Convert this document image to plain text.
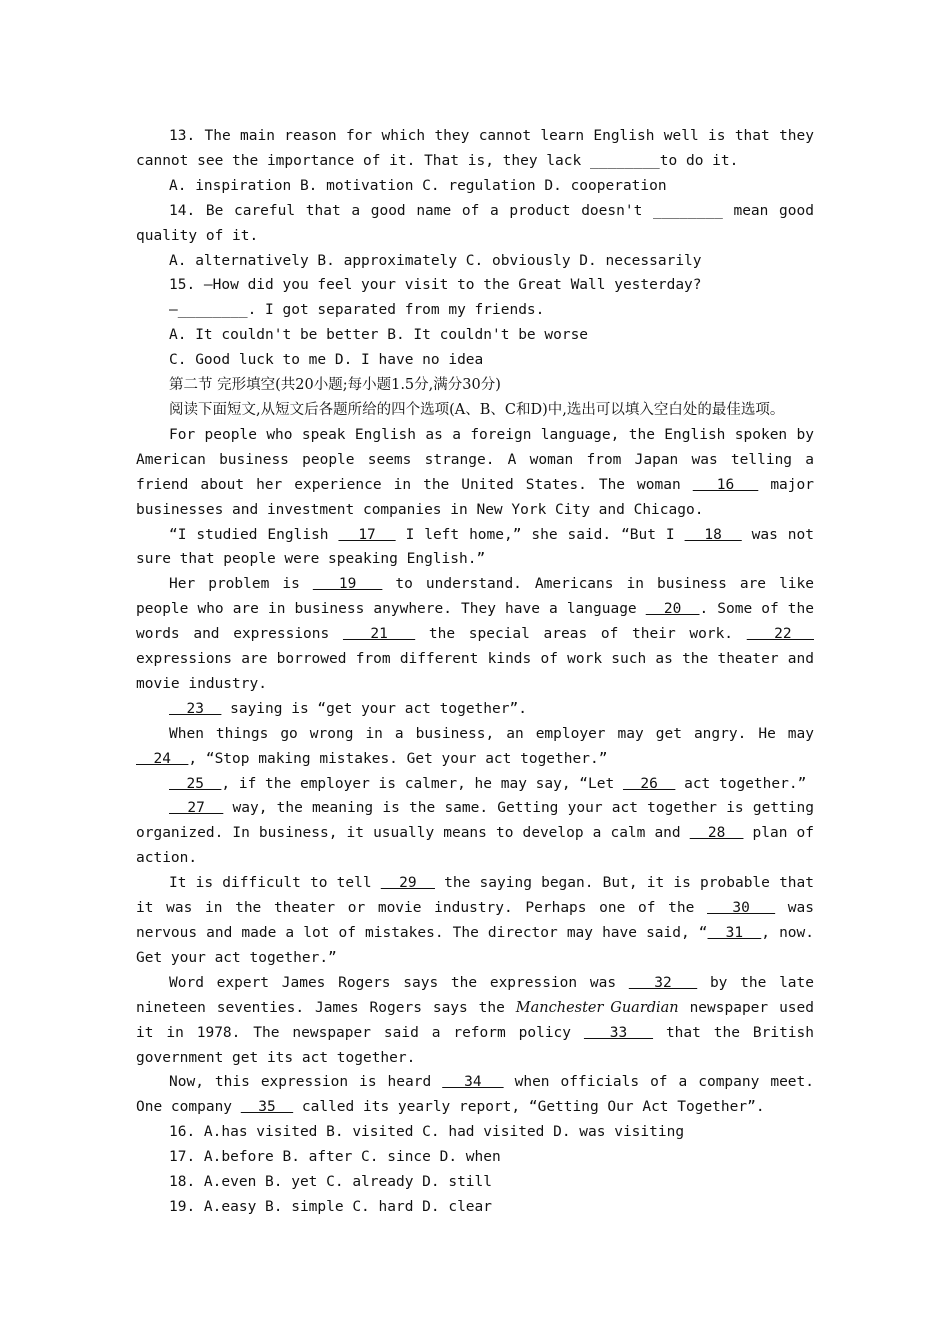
13. The main reason for which they cannot learn English well is that they cannot see the importance of it. That is, they lack ________to do it.

A. inspiration B. motivation C. regulation D. cooperation

14. Be careful that a good name of a product doesn't ________ mean good quality of it.

A. alternatively B. approximately C. obviously D. necessarily

15. —How did you feel your visit to the Great Wall yesterday?

—________. I got separated from my friends.

A. It couldn't be better B. It couldn't be worse

C. Good luck to me D. I have no idea

第二节 完形填空(共20小题;每小题1.5分,满分30分)

阅读下面短文,从短文后各题所给的四个选项(A、B、C和D)中,选出可以填入空白处的最佳选项。

For people who speak English as a foreign language, the English spoken by American business people seems strange. A woman from Japan was telling a friend about her experience in the United States. The woman   16   major businesses and investment companies in New York City and Chicago.

“I studied English   17   I left home,” she said. “But I   18   was not sure that people were speaking English.”

Her problem is   19   to understand. Americans in business are like people who are in business anywhere. They have a language   20  . Some of the words and expressions   21   the special areas of their work.   22   expressions are borrowed from different kinds of work such as the theater and movie industry.

23   saying is “get your act together”.

When things go wrong in a business, an employer may get angry. He may   24  , “Stop making mistakes. Get your act together.”

25  , if the employer is calmer, he may say, “Let   26   act together.”

27   way, the meaning is the same. Getting your act together is getting organized. In business, it usually means to develop a calm and   28   plan of action.

It is difficult to tell   29   the saying began. But, it is probable that it was in the theater or movie industry. Perhaps one of the   30   was nervous and made a lot of mistakes. The director may have said, “  31  , now. Get your act together.”

Word expert James Rogers says the expression was   32   by the late nineteen seventies. James Rogers says the Manchester Guardian newspaper used it in 1978. The newspaper said a reform policy   33   that the British government get its act together.

Now, this expression is heard   34   when officials of a company meet. One company   35   called its yearly report, “Getting Our Act Together”.

16. A.has visited B. visited C. had visited D. was visiting

17. A.before B. after C. since D. when

18. A.even B. yet C. already D. still

19. A.easy B. simple C. hard D. clear
